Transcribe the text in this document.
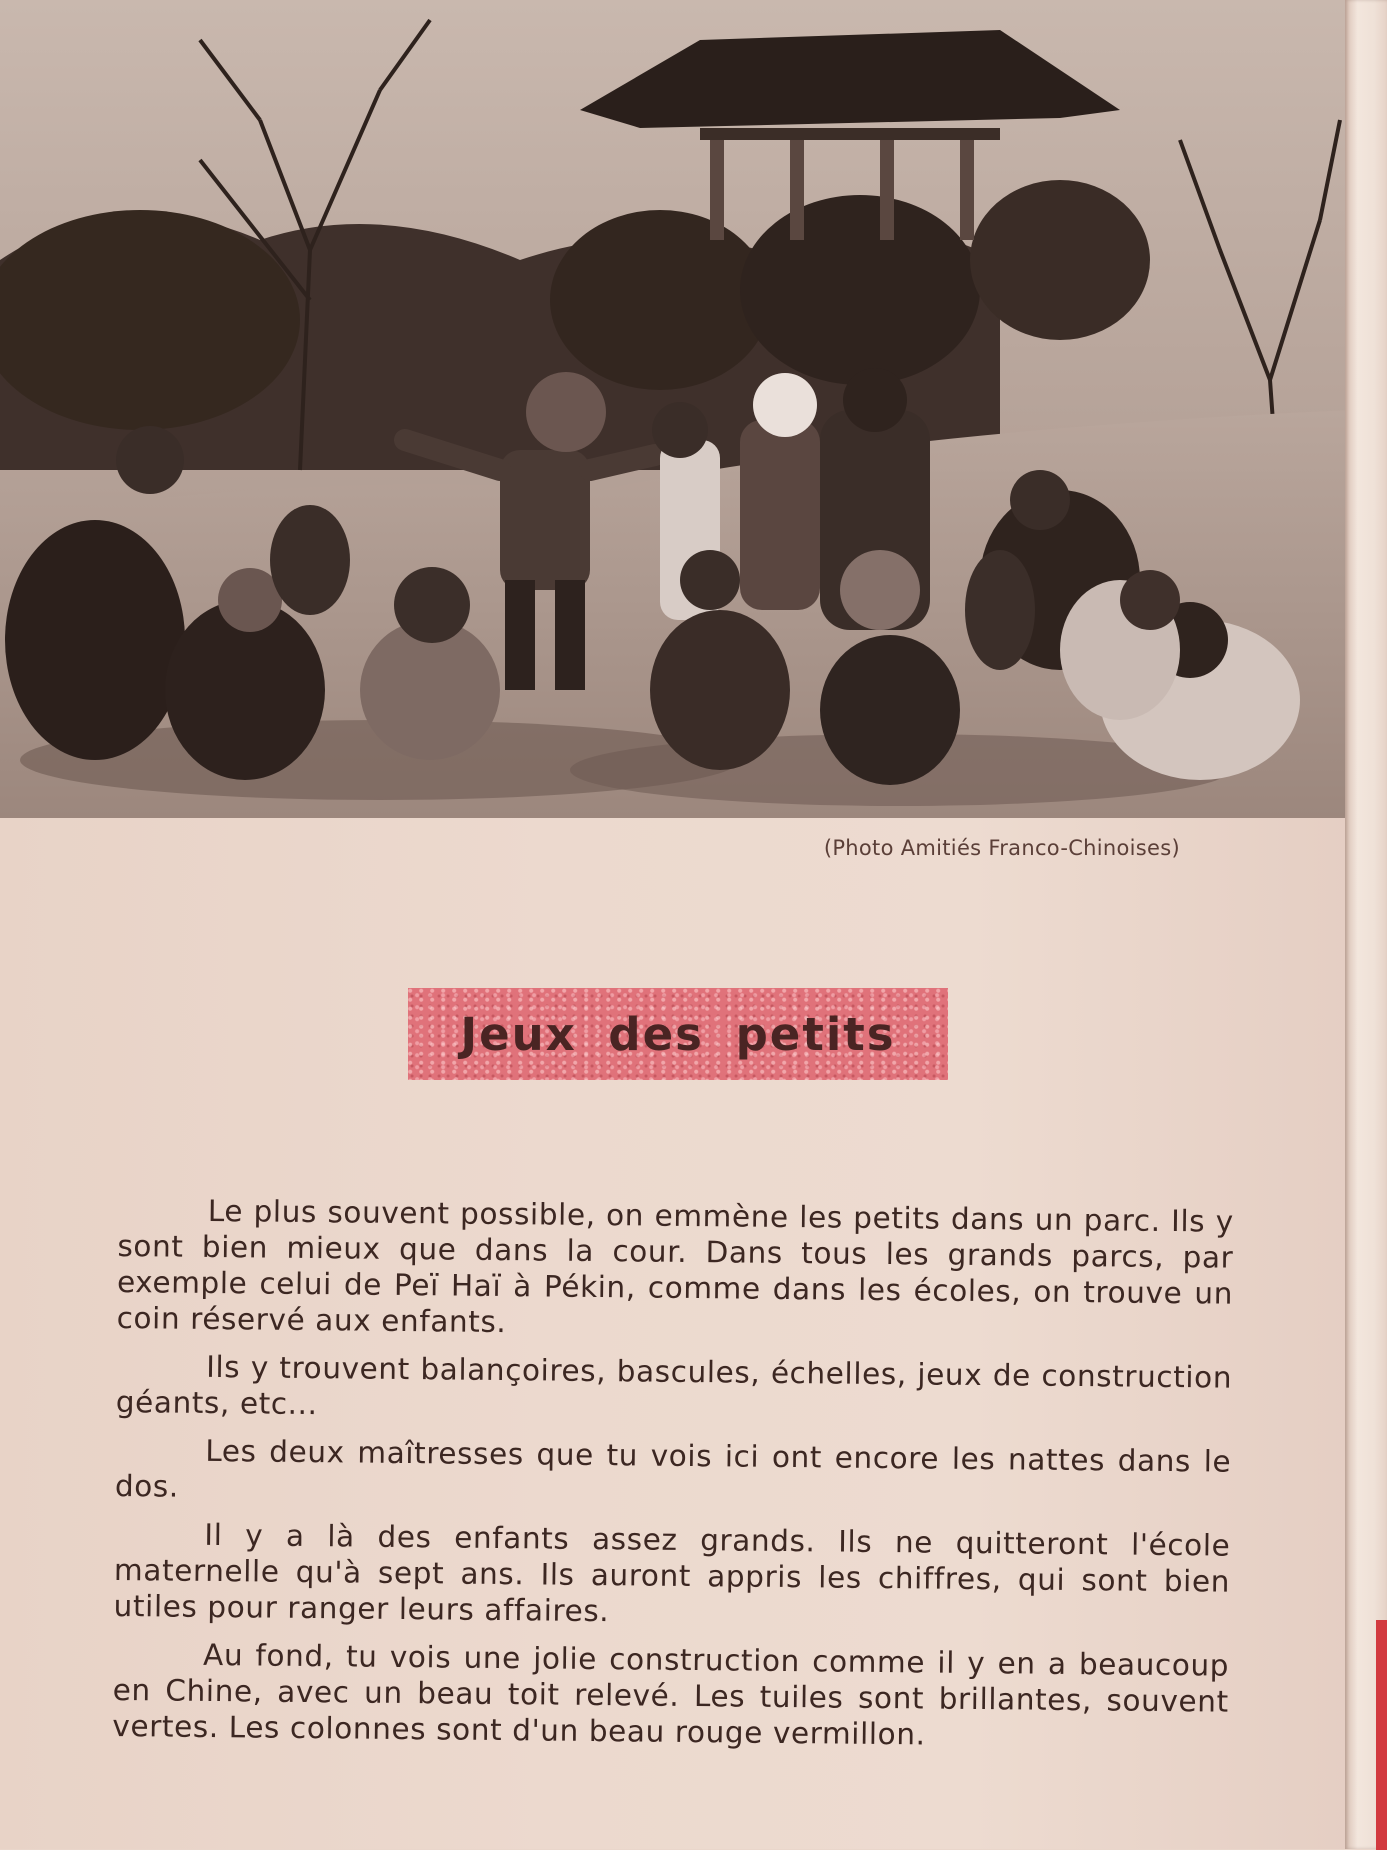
(Photo Amitiés Franco-Chinoises)
Jeux des petits

Le plus souvent possible, on emmène les petits dans un parc. Ils y sont bien mieux que dans la cour. Dans tous les grands parcs, par exemple celui de Peï Haï à Pékin, comme dans les écoles, on trouve un coin réservé aux enfants.

Ils y trouvent balançoires, bascules, échelles, jeux de construction géants, etc...

Les deux maîtresses que tu vois ici ont encore les nattes dans le dos.

Il y a là des enfants assez grands. Ils ne quitteront l'école maternelle qu'à sept ans. Ils auront appris les chiffres, qui sont bien utiles pour ranger leurs affaires.

Au fond, tu vois une jolie construction comme il y en a beaucoup en Chine, avec un beau toit relevé. Les tuiles sont brillantes, souvent vertes. Les colonnes sont d'un beau rouge vermillon.
